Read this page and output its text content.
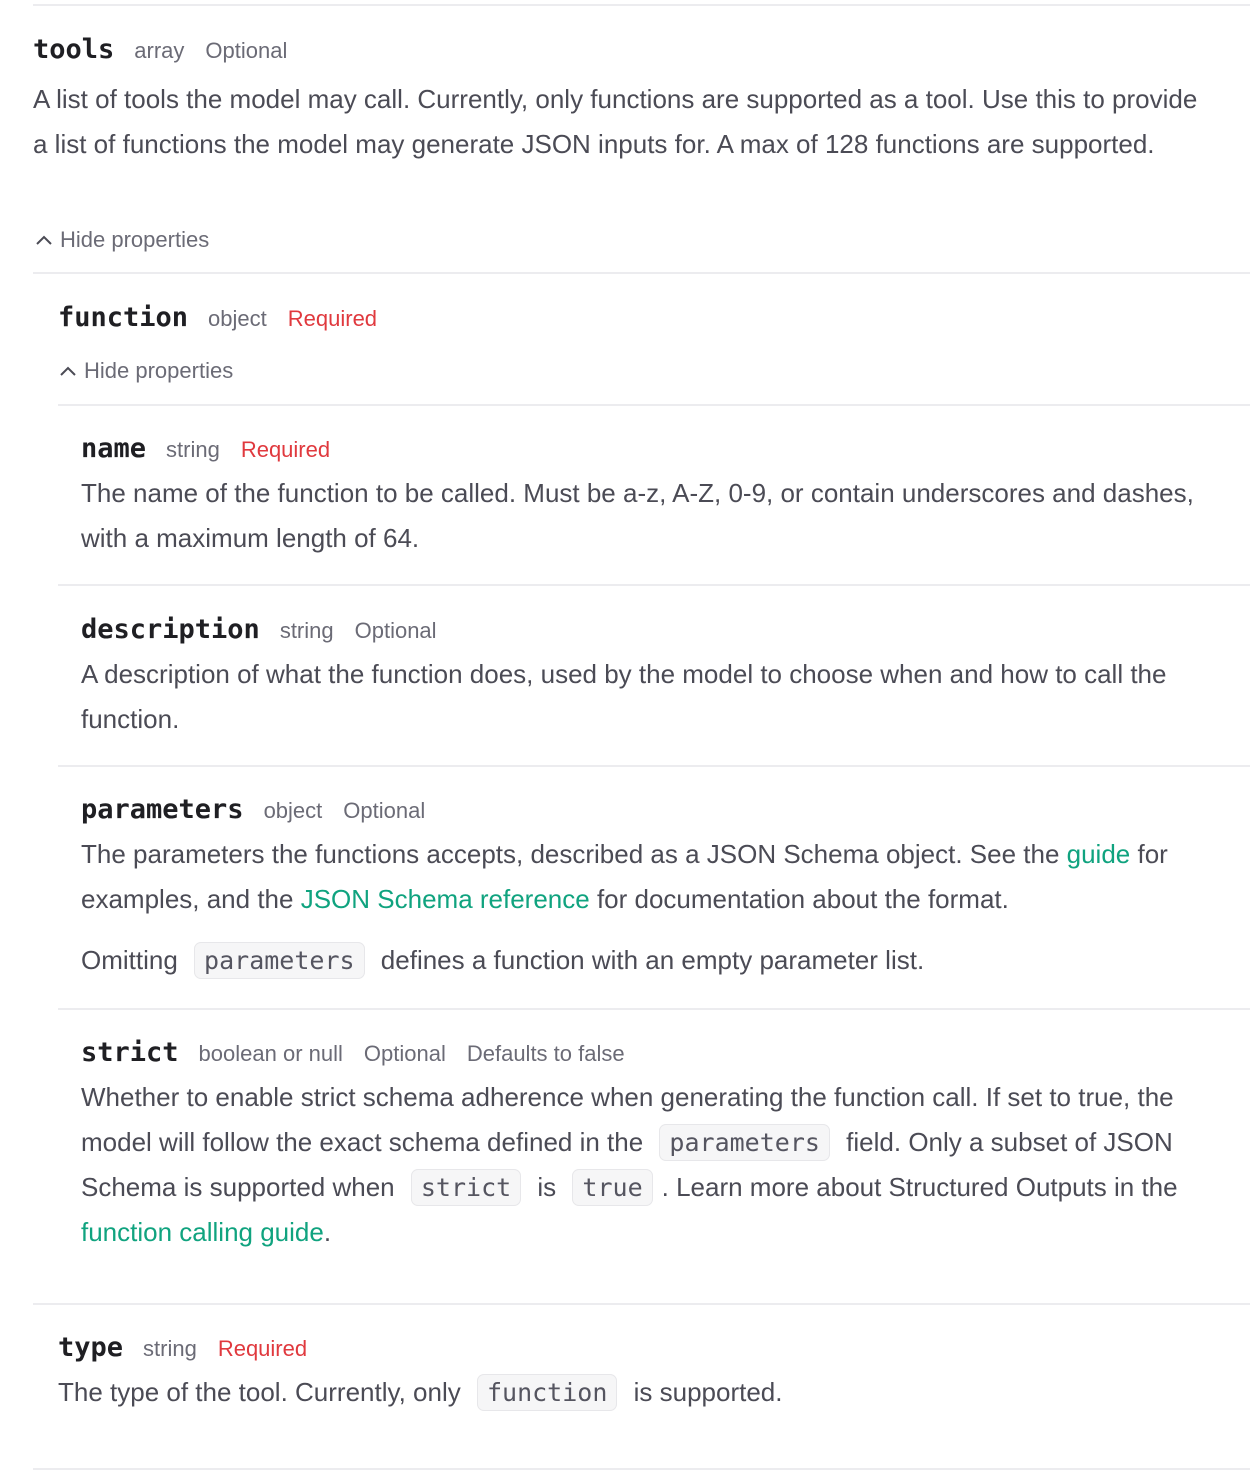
tools array Optional

A list of tools the model may call. Currently, only functions are supported as a tool. Use this to provide a list of functions the model may generate JSON inputs for. A max of 128 functions are supported.

Hide properties
function object Required
Hide properties
name string Required

The name of the function to be called. Must be a-z, A-Z, 0-9, or contain underscores and dashes, with a maximum length of 64.

description string Optional

A description of what the function does, used by the model to choose when and how to call the function.

parameters object Optional

The parameters the functions accepts, described as a JSON Schema object. See the guide for examples, and the JSON Schema reference for documentation about the format.

Omitting parameters defines a function with an empty parameter list.

strict boolean or null Optional Defaults to false

Whether to enable strict schema adherence when generating the function call. If set to true, the model will follow the exact schema defined in the parameters field. Only a subset of JSON Schema is supported when strict is true . Learn more about Structured Outputs in the function calling guide.

type string Required

The type of the tool. Currently, only function is supported.
